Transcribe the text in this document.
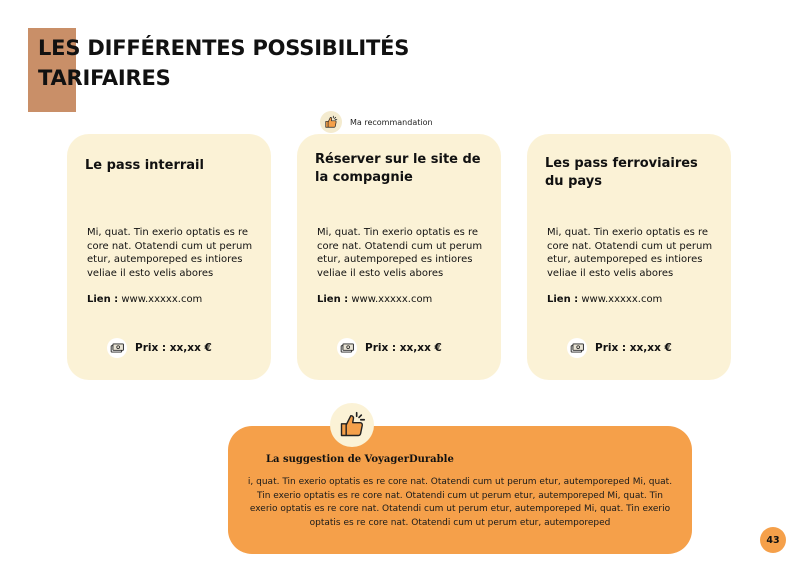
LES DIFFÉRENTES POSSIBILITÉS
TARIFAIRES
Ma recommandation
Le pass interrail

Mi, quat. Tin exerio optatis es re core nat. Otatendi cum ut perum etur, autemporeped es intiores veliae il esto velis abores

Lien : www.xxxxx.com
Prix : xx,xx €
Réserver sur le site de la compagnie

Mi, quat. Tin exerio optatis es re core nat. Otatendi cum ut perum etur, autemporeped es intiores veliae il esto velis abores

Lien : www.xxxxx.com
Prix : xx,xx €
Les pass ferroviaires du pays

Mi, quat. Tin exerio optatis es re core nat. Otatendi cum ut perum etur, autemporeped es intiores veliae il esto velis abores

Lien : www.xxxxx.com
Prix : xx,xx €
La suggestion de VoyagerDurable

i, quat. Tin exerio optatis es re core nat. Otatendi cum ut perum etur, autemporeped Mi, quat. Tin exerio optatis es re core nat. Otatendi cum ut perum etur, autemporeped Mi, quat. Tin exerio optatis es re core nat. Otatendi cum ut perum etur, autemporeped Mi, quat. Tin exerio optatis es re core nat. Otatendi cum ut perum etur, autemporeped

43
